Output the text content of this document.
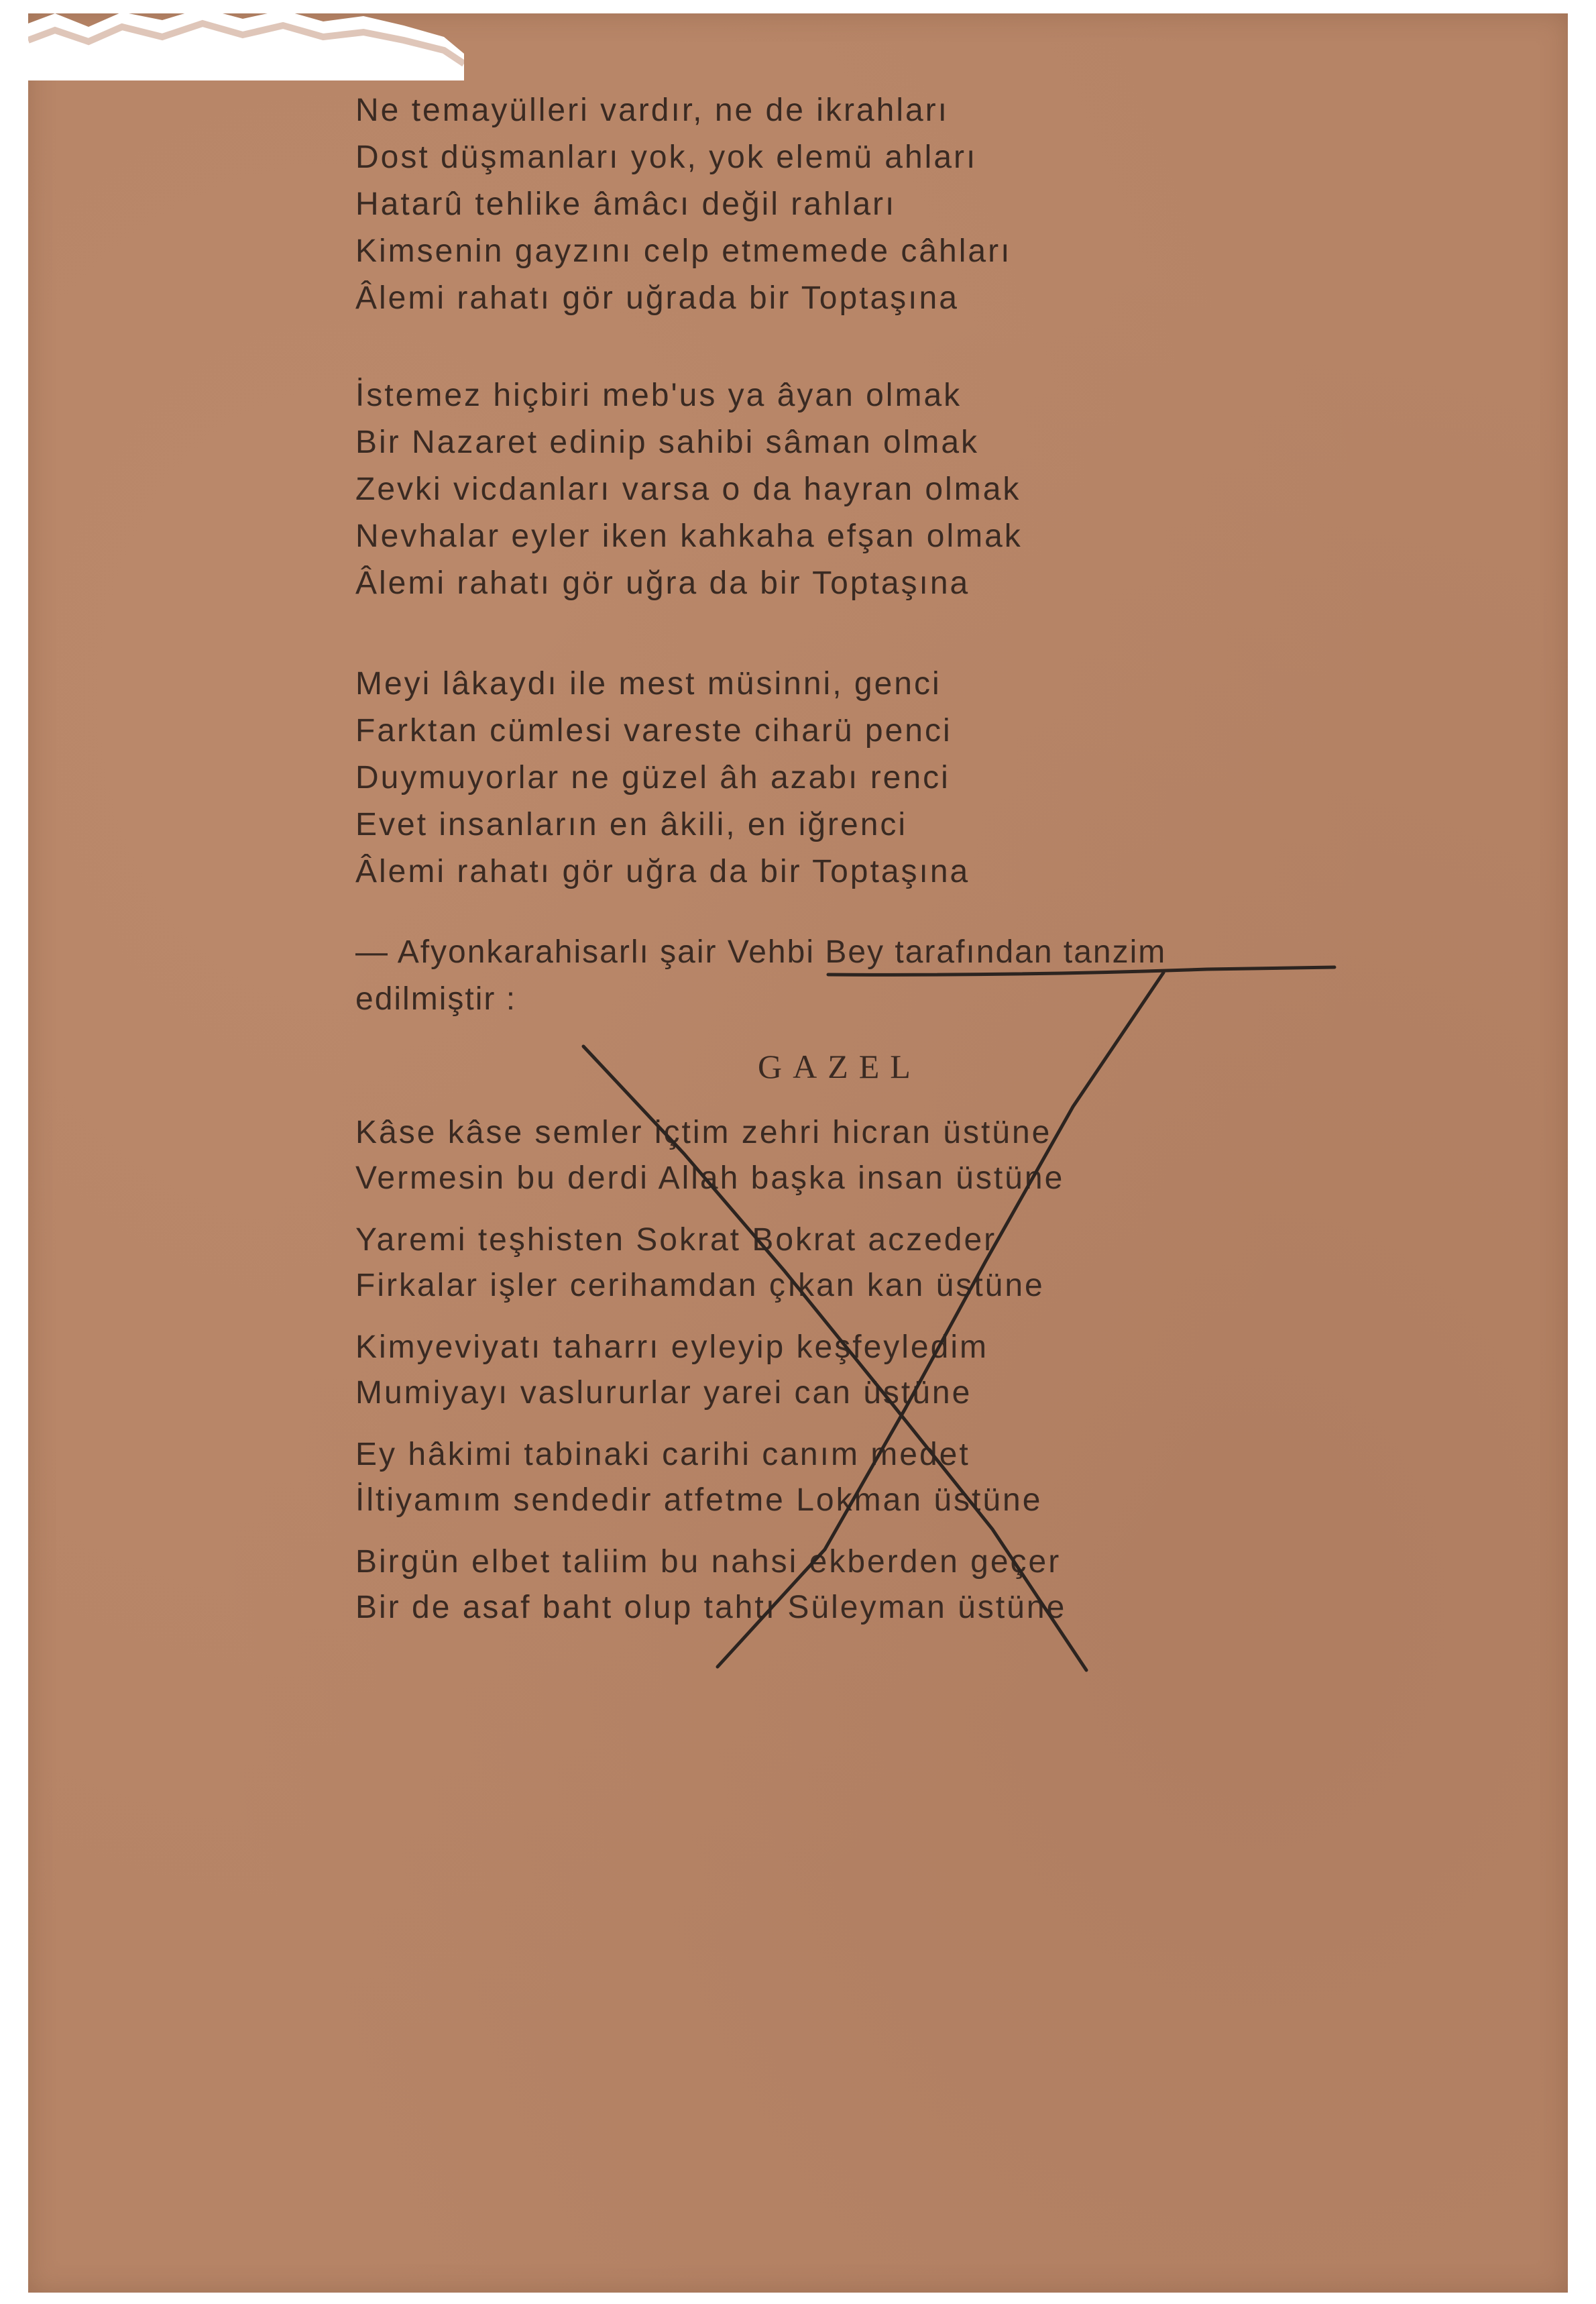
Ne temayülleri vardır, ne de ikrahları
Dost düşmanları yok, yok elemü ahları
Hatarû tehlike âmâcı değil rahları
Kimsenin gayzını celp etmemede câhları
Âlemi rahatı gör uğrada bir Toptaşına
İstemez hiçbiri meb'us ya âyan olmak
Bir Nazaret edinip sahibi sâman olmak
Zevki vicdanları varsa o da hayran olmak
Nevhalar eyler iken kahkaha efşan olmak
Âlemi rahatı gör uğra da bir Toptaşına
Meyi lâkaydı ile mest müsinni, genci
Farktan cümlesi vareste ciharü penci
Duymuyorlar ne güzel âh azabı renci
Evet insanların en âkili, en iğrenci
Âlemi rahatı gör uğra da bir Toptaşına
— Afyonkarahisarlı şair Vehbi Bey tarafından tanzim
edilmiştir :
GAZEL
Kâse kâse semler içtim zehri hicran üstüne
Vermesin bu derdi Allah başka insan üstüne
Yaremi teşhisten Sokrat Bokrat aczeder
Firkalar işler cerihamdan çıkan kan üstüne
Kimyeviyatı taharrı eyleyip keşfeyledim
Mumiyayı vaslururlar yarei can üstüne
Ey hâkimi tabinaki carihi canım medet
İltiyamım sendedir atfetme Lokman üstüne
Birgün elbet taliim bu nahsi ekberden geçer
Bir de asaf baht olup tahtı Süleyman üstüne
